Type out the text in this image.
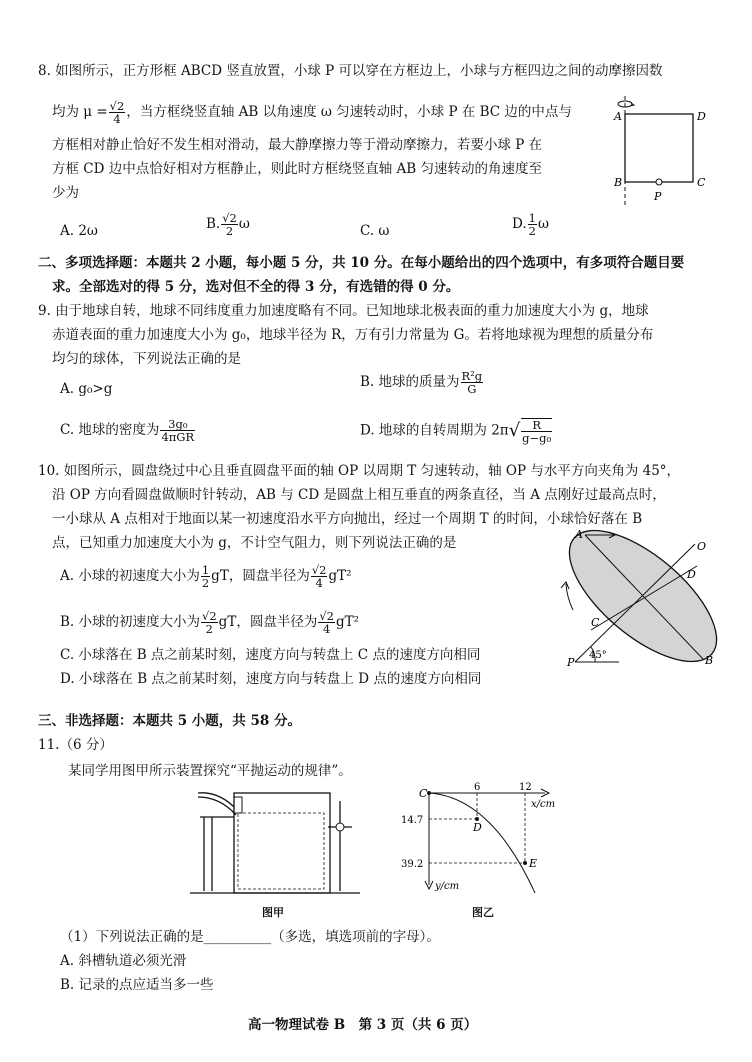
8. 如图所示，正方形框 ABCD 竖直放置，小球 P 可以穿在方框边上，小球与方框四边之间的动摩擦因数
均为 $\mu = \frac{√2}{4}$ ，当方框绕竖直轴 AB 以角速度 ω 匀速转动时，小球 P 在 BC 边的中点与
方框相对静止恰好不发生相对滑动，最大静摩擦力等于滑动摩擦力，若要小球 P 在
方框 CD 边中点恰好相对方框静止，则此时方框绕竖直轴 AB 匀速转动的角速度至
少为
A. 2ω	B. $\frac{√2}{2}$ ω	C. ω	D. $\frac{1}{2}$ ω
A	D
B	C
P
二、多项选择题：本题共 2 小题，每小题 5 分，共 10 分。在每小题给出的四个选项中，有多项符合题目要
求。全部选对的得 5 分，选对但不全的得 3 分，有选错的得 0 分。
9. 由于地球自转，地球不同纬度重力加速度略有不同。已知地球北极表面的重力加速度大小为 g，地球
赤道表面的重力加速度大小为 g₀，地球半径为 R，万有引力常量为 G。若将地球视为理想的质量分布
均匀的球体，下列说法正确的是
A. g₀>g	B. 地球的质量为 $\frac{\text{R²g}}{G}$
C. 地球的密度为 $\frac{\text{3g₀}}{\text{4πGR}}$	D. 地球的自转周期为 $2\pi√ \frac{R}{\text{g−g₀}}$
10. 如图所示，圆盘绕过中心且垂直圆盘平面的轴 OP 以周期 T 匀速转动，轴 OP 与水平方向夹角为 45°，
沿 OP 方向看圆盘做顺时针转动，AB 与 CD 是圆盘上相互垂直的两条直径，当 A 点刚好过最高点时，
一小球从 A 点相对于地面以某一初速度沿水平方向抛出，经过一个周期 T 的时间，小球恰好落在 B
点，已知重力加速度大小为 g，不计空气阻力，则下列说法正确的是
A. 小球的初速度大小为 $\frac{1}{2}$ gT，圆盘半径为 $\frac{√2}{4} gT^2$
B. 小球的初速度大小为 $\frac{√2}{2}$ gT，圆盘半径为 $\frac{√2}{4} gT^2$
C. 小球落在 B 点之前某时刻，速度方向与转盘上 C 点的速度方向相同
D. 小球落在 B 点之前某时刻，速度方向与转盘上 D 点的速度方向相同
A
O
D
C
P	B
45°
三、非选择题：本题共 5 小题，共 58 分。
11.（6 分）
某同学用图甲所示装置探究“平抛运动的规律”。
图甲
C	6	12
x/cm
14.7
39.2
y/cm
D
E
图乙
（1）下列说法正确的是__________（多选，填选项前的字母）。
A. 斜槽轨道必须光滑
B. 记录的点应适当多一些
高一物理试卷 B　第 3 页（共 6 页）
